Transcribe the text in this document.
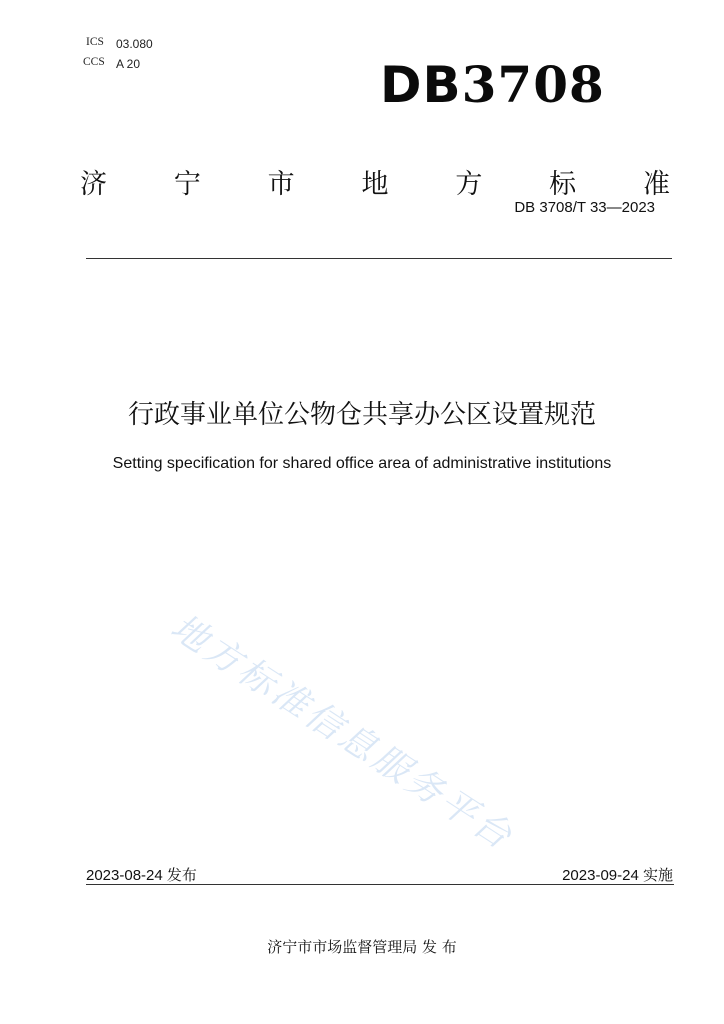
ICS 03.080
CCS A 20	DB3708
济 宁 市 地 方 标 准
DB 3708/T 33—2023
行政事业单位公物仓共享办公区设置规范
Setting specification for shared office area of administrative institutions
地方标准信息服务平台
2023-08-24 发布	2023-09-24 实施
济宁市市场监督管理局 发 布
